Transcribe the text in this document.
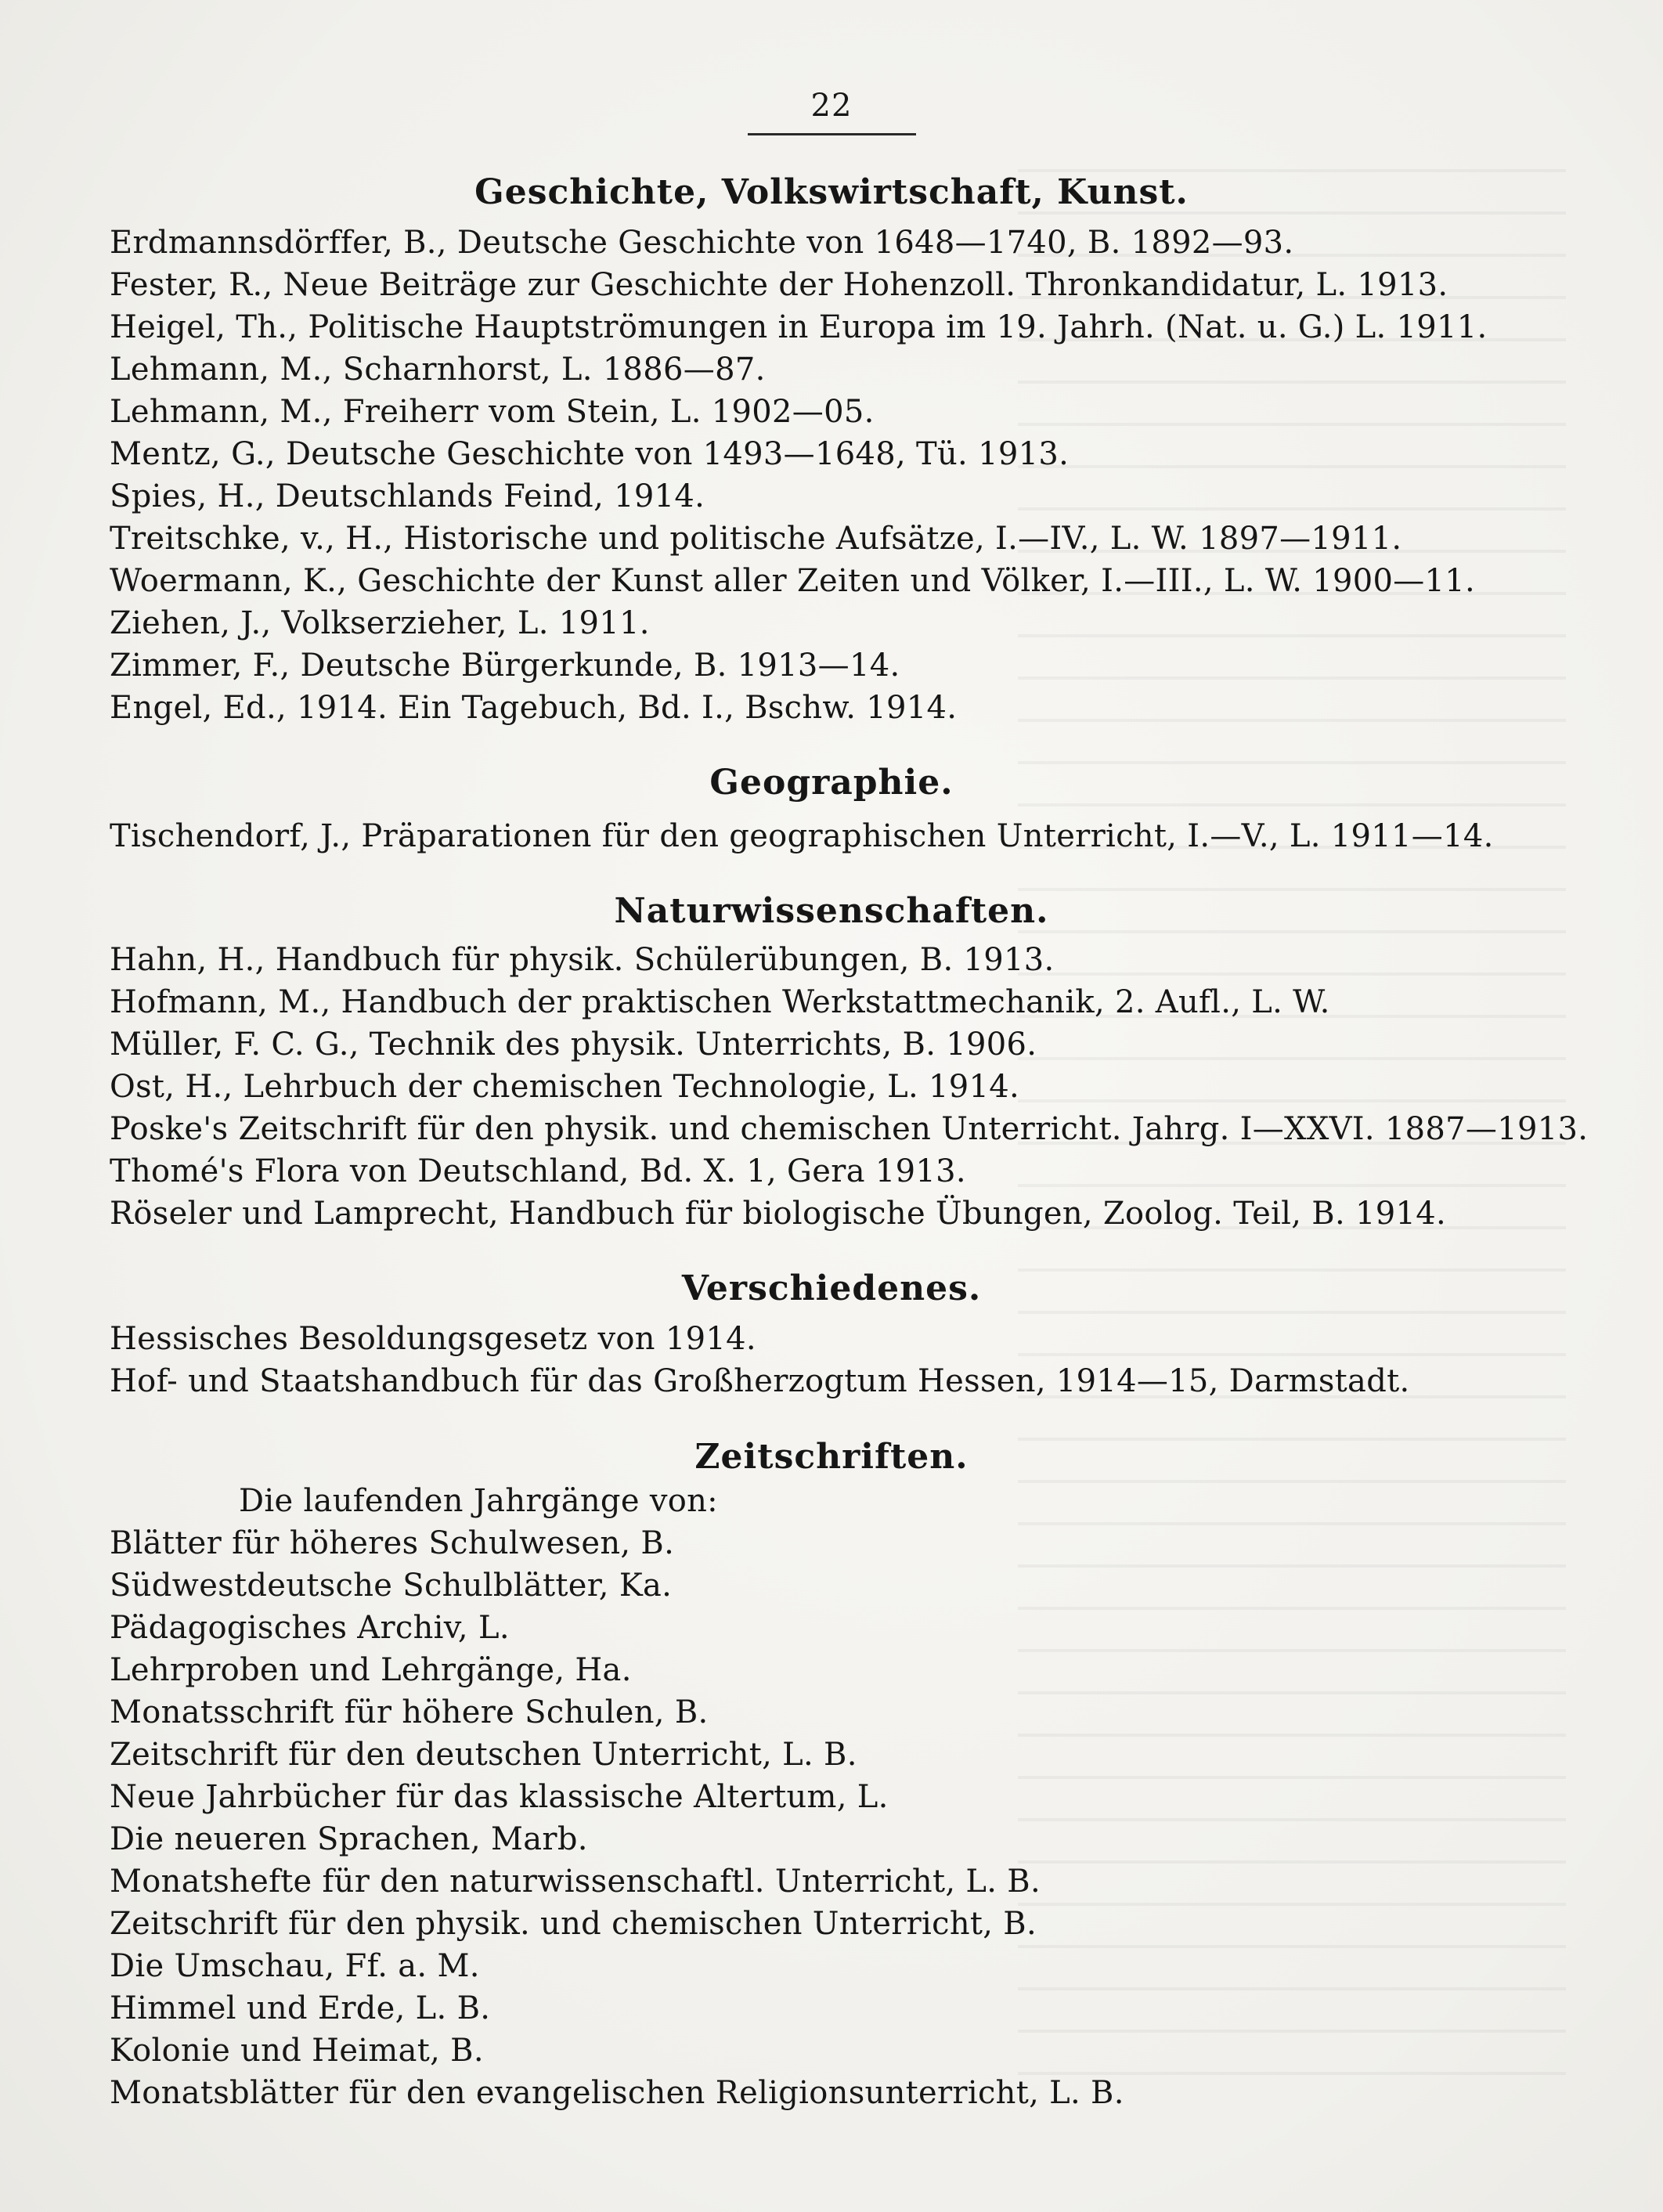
22
Geschichte, Volkswirtschaft, Kunst.
Erdmannsdörffer, B., Deutsche Geschichte von 1648—1740, B. 1892—93.
Fester, R., Neue Beiträge zur Geschichte der Hohenzoll. Thronkandidatur, L. 1913.
Heigel, Th., Politische Hauptströmungen in Europa im 19. Jahrh. (Nat. u. G.) L. 1911.
Lehmann, M., Scharnhorst, L. 1886—87.
Lehmann, M., Freiherr vom Stein, L. 1902—05.
Mentz, G., Deutsche Geschichte von 1493—1648, Tü. 1913.
Spies, H., Deutschlands Feind, 1914.
Treitschke, v., H., Historische und politische Aufsätze, I.—IV., L. W. 1897—1911.
Woermann, K., Geschichte der Kunst aller Zeiten und Völker, I.—III., L. W. 1900—11.
Ziehen, J., Volkserzieher, L. 1911.
Zimmer, F., Deutsche Bürgerkunde, B. 1913—14.
Engel, Ed., 1914. Ein Tagebuch, Bd. I., Bschw. 1914.
Geographie.
Tischendorf, J., Präparationen für den geographischen Unterricht, I.—V., L. 1911—14.
Naturwissenschaften.
Hahn, H., Handbuch für physik. Schülerübungen, B. 1913.
Hofmann, M., Handbuch der praktischen Werkstattmechanik, 2. Aufl., L. W.
Müller, F. C. G., Technik des physik. Unterrichts, B. 1906.
Ost, H., Lehrbuch der chemischen Technologie, L. 1914.
Poske's Zeitschrift für den physik. und chemischen Unterricht. Jahrg. I—XXVI. 1887—1913.
Thomé's Flora von Deutschland, Bd. X. 1, Gera 1913.
Röseler und Lamprecht, Handbuch für biologische Übungen, Zoolog. Teil, B. 1914.
Verschiedenes.
Hessisches Besoldungsgesetz von 1914.
Hof- und Staatshandbuch für das Großherzogtum Hessen, 1914—15, Darmstadt.
Zeitschriften.
Die laufenden Jahrgänge von:
Blätter für höheres Schulwesen, B.
Südwestdeutsche Schulblätter, Ka.
Pädagogisches Archiv, L.
Lehrproben und Lehrgänge, Ha.
Monatsschrift für höhere Schulen, B.
Zeitschrift für den deutschen Unterricht, L. B.
Neue Jahrbücher für das klassische Altertum, L.
Die neueren Sprachen, Marb.
Monatshefte für den naturwissenschaftl. Unterricht, L. B.
Zeitschrift für den physik. und chemischen Unterricht, B.
Die Umschau, Ff. a. M.
Himmel und Erde, L. B.
Kolonie und Heimat, B.
Monatsblätter für den evangelischen Religionsunterricht, L. B.
